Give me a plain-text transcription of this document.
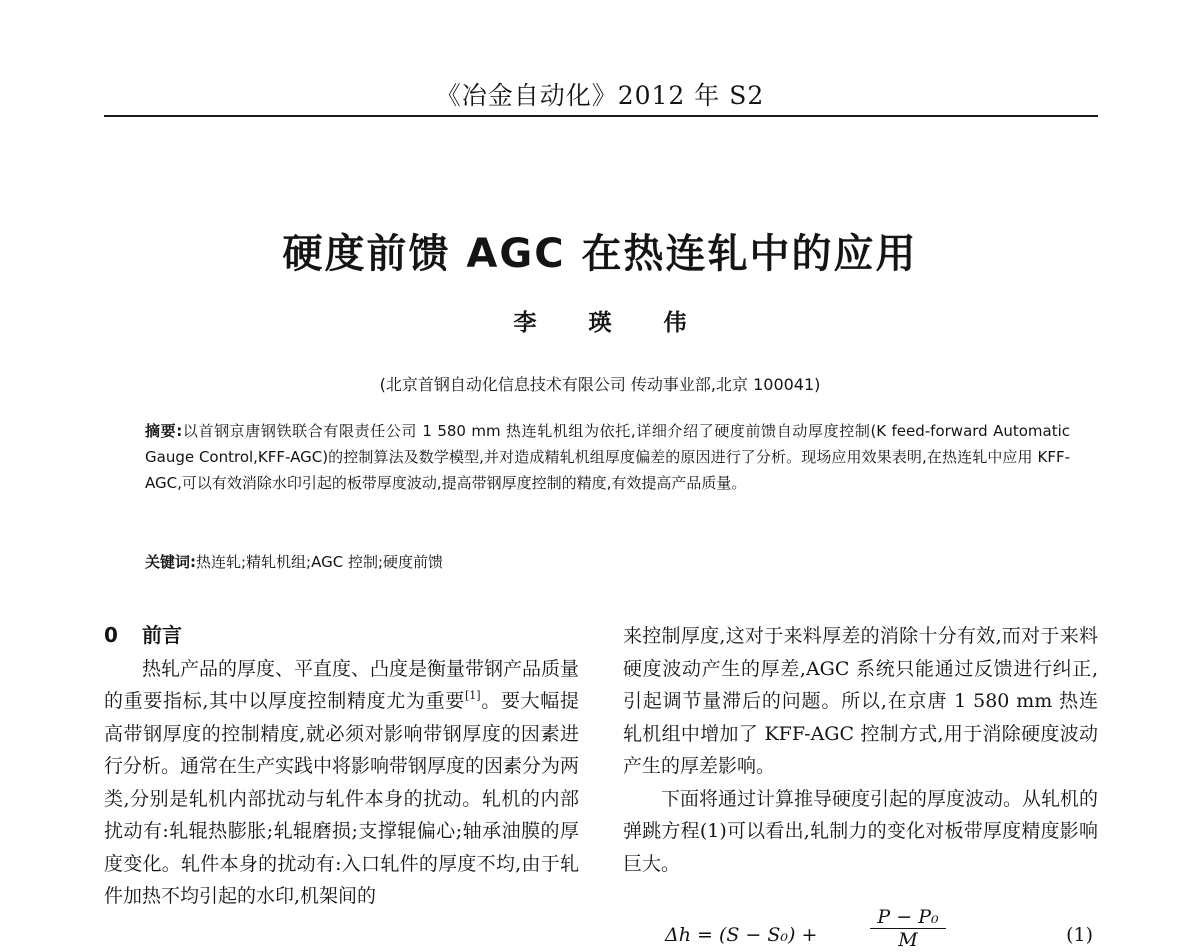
《冶金自动化》2012 年 S2
硬度前馈 AGC 在热连轧中的应用
李 瑛 伟
(北京首钢自动化信息技术有限公司 传动事业部,北京 100041)
摘要:以首钢京唐钢铁联合有限责任公司 1 580 mm 热连轧机组为依托,详细介绍了硬度前馈自动厚度控制(K feed-forward Automatic Gauge Control,KFF-AGC)的控制算法及数学模型,并对造成精轧机组厚度偏差的原因进行了分析。现场应用效果表明,在热连轧中应用 KFF-AGC,可以有效消除水印引起的板带厚度波动,提高带钢厚度控制的精度,有效提高产品质量。
关键词:热连轧;精轧机组;AGC 控制;硬度前馈
0 前言

热轧产品的厚度、平直度、凸度是衡量带钢产品质量的重要指标,其中以厚度控制精度尤为重要[1]。要大幅提高带钢厚度的控制精度,就必须对影响带钢厚度的因素进行分析。通常在生产实践中将影响带钢厚度的因素分为两类,分别是轧机内部扰动与轧件本身的扰动。轧机的内部扰动有:轧辊热膨胀;轧辊磨损;支撑辊偏心;轴承油膜的厚度变化。轧件本身的扰动有:入口轧件的厚度不均,由于轧件加热不均引起的水印,机架间的

来控制厚度,这对于来料厚差的消除十分有效,而对于来料硬度波动产生的厚差,AGC 系统只能通过反馈进行纠正,引起调节量滞后的问题。所以,在京唐 1 580 mm 热连轧机组中增加了 KFF-AGC 控制方式,用于消除硬度波动产生的厚差影响。

下面将通过计算推导硬度引起的厚度波动。从轧机的弹跳方程(1)可以看出,轧制力的变化对板带厚度精度影响巨大。

Δh = (S − S₀) +	$\frac{\text{P − P₀}}{M}$	(1)
